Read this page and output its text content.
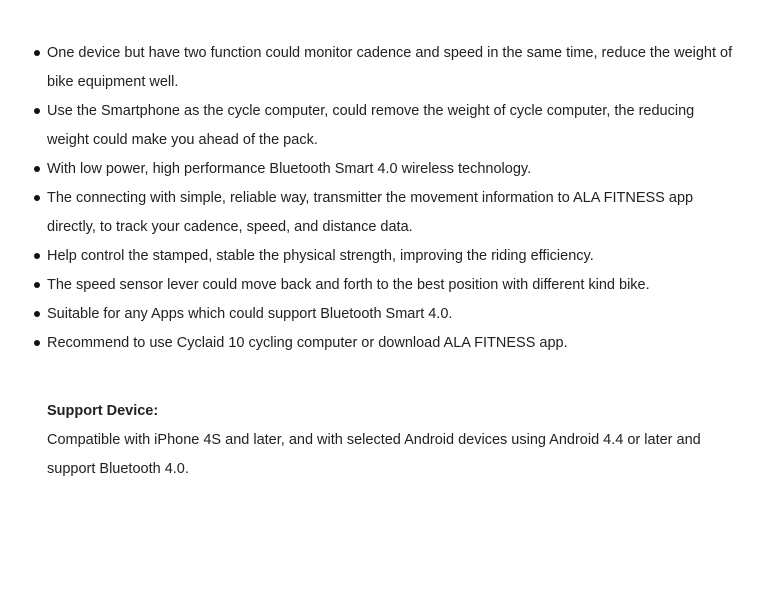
One device but have two function could monitor cadence and speed in the same time, reduce the weight of bike equipment well.
Use the Smartphone as the cycle computer, could remove the weight of cycle computer, the reducing weight could make you ahead of the pack.
With low power, high performance Bluetooth Smart 4.0 wireless technology.
The connecting with simple, reliable way, transmitter the movement information to ALA FITNESS app directly, to track your cadence, speed, and distance data.
Help control the stamped, stable the physical strength, improving the riding efficiency.
The speed sensor lever could move back and forth to the best position with different kind bike.
Suitable for any Apps which could support Bluetooth Smart 4.0.
Recommend to use Cyclaid 10 cycling computer or download ALA FITNESS app.

Support Device:

Compatible with iPhone 4S and later, and with selected Android devices using Android 4.4 or later and support Bluetooth 4.0.
